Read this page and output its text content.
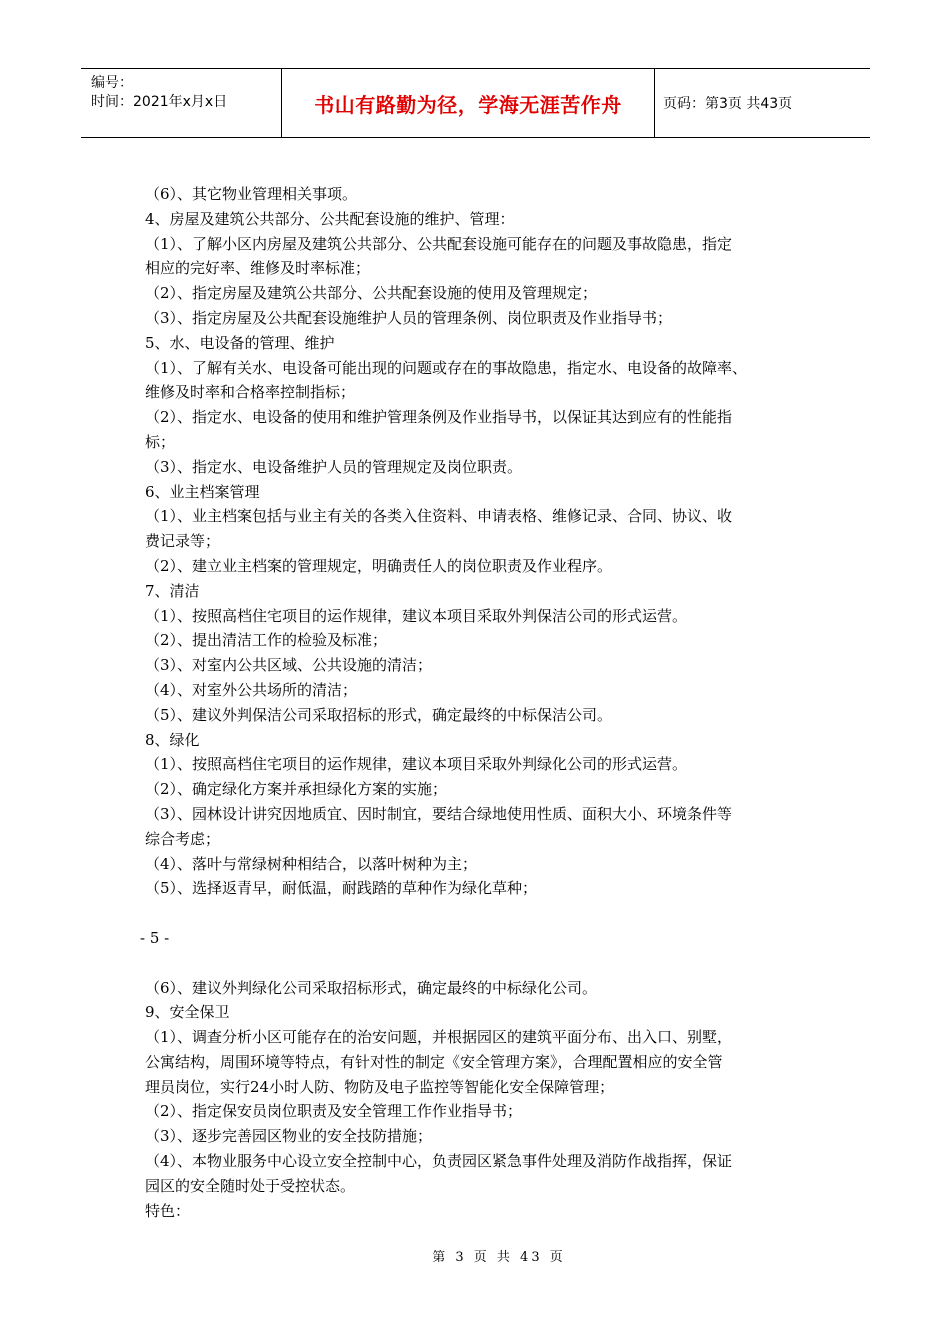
编号：
时间：2021年x月x日	书山有路勤为径，学海无涯苦作舟	页码：第3页 共43页
（6）、其它物业管理相关事项。
4、房屋及建筑公共部分、公共配套设施的维护、管理：
（1）、了解小区内房屋及建筑公共部分、公共配套设施可能存在的问题及事故隐患，指定
相应的完好率、维修及时率标准；
（2）、指定房屋及建筑公共部分、公共配套设施的使用及管理规定；
（3）、指定房屋及公共配套设施维护人员的管理条例、岗位职责及作业指导书；
5、水、电设备的管理、维护
（1）、了解有关水、电设备可能出现的问题或存在的事故隐患，指定水、电设备的故障率、
维修及时率和合格率控制指标；
（2）、指定水、电设备的使用和维护管理条例及作业指导书，以保证其达到应有的性能指
标；
（3）、指定水、电设备维护人员的管理规定及岗位职责。
6、业主档案管理
（1）、业主档案包括与业主有关的各类入住资料、申请表格、维修记录、合同、协议、收
费记录等；
（2）、建立业主档案的管理规定，明确责任人的岗位职责及作业程序。
7、清洁
（1）、按照高档住宅项目的运作规律，建议本项目采取外判保洁公司的形式运营。
（2）、提出清洁工作的检验及标准；
（3）、对室内公共区域、公共设施的清洁；
（4）、对室外公共场所的清洁；
（5）、建议外判保洁公司采取招标的形式，确定最终的中标保洁公司。
8、绿化
（1）、按照高档住宅项目的运作规律，建议本项目采取外判绿化公司的形式运营。
（2）、确定绿化方案并承担绿化方案的实施；
（3）、园林设计讲究因地质宜、因时制宜，要结合绿地使用性质、面积大小、环境条件等
综合考虑；
（4）、落叶与常绿树种相结合，以落叶树种为主；
（5）、选择返青早，耐低温，耐践踏的草种作为绿化草种；
- 5 -
（6）、建议外判绿化公司采取招标形式，确定最终的中标绿化公司。
9、安全保卫
（1）、调查分析小区可能存在的治安问题，并根据园区的建筑平面分布、出入口、别墅，
公寓结构，周围环境等特点，有针对性的制定《安全管理方案》，合理配置相应的安全管
理员岗位，实行24小时人防、物防及电子监控等智能化安全保障管理；
（2）、指定保安员岗位职责及安全管理工作作业指导书；
（3）、逐步完善园区物业的安全技防措施；
（4）、本物业服务中心设立安全控制中心，负责园区紧急事件处理及消防作战指挥，保证
园区的安全随时处于受控状态。
特色：
第 3 页 共 43 页
